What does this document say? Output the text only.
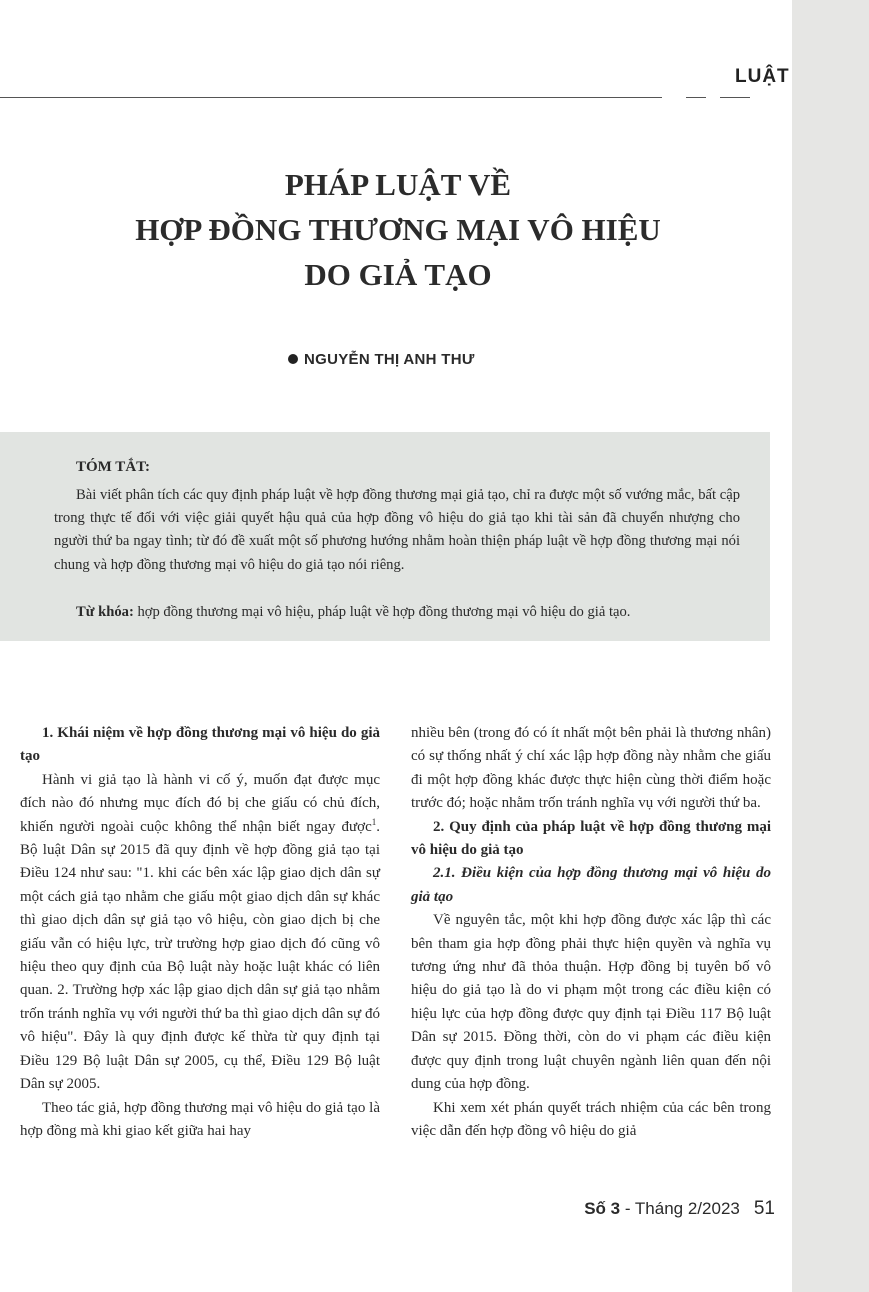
LUẬT
PHÁP LUẬT VỀ
HỢP ĐỒNG THƯƠNG MẠI VÔ HIỆU
DO GIẢ TẠO
NGUYỄN THỊ ANH THƯ
TÓM TẮT:

Bài viết phân tích các quy định pháp luật về hợp đồng thương mại giả tạo, chỉ ra được một số vướng mắc, bất cập trong thực tế đối với việc giải quyết hậu quả của hợp đồng vô hiệu do giả tạo khi tài sản đã chuyển nhượng cho người thứ ba ngay tình; từ đó đề xuất một số phương hướng nhằm hoàn thiện pháp luật về hợp đồng thương mại nói chung và hợp đồng thương mại vô hiệu do giả tạo nói riêng.

Từ khóa: hợp đồng thương mại vô hiệu, pháp luật về hợp đồng thương mại vô hiệu do giả tạo.

1. Khái niệm về hợp đồng thương mại vô hiệu do giả tạo

Hành vi giả tạo là hành vi cố ý, muốn đạt được mục đích nào đó nhưng mục đích đó bị che giấu có chủ đích, khiến người ngoài cuộc không thể nhận biết ngay được$^1$. Bộ luật Dân sự 2015 đã quy định về hợp đồng giả tạo tại Điều 124 như sau: "1. khi các bên xác lập giao dịch dân sự một cách giả tạo nhằm che giấu một giao dịch dân sự khác thì giao dịch dân sự giả tạo vô hiệu, còn giao dịch bị che giấu vẫn có hiệu lực, trừ trường hợp giao dịch đó cũng vô hiệu theo quy định của Bộ luật này hoặc luật khác có liên quan. 2. Trường hợp xác lập giao dịch dân sự giả tạo nhằm trốn tránh nghĩa vụ với người thứ ba thì giao dịch dân sự đó vô hiệu". Đây là quy định được kế thừa từ quy định tại Điều 129 Bộ luật Dân sự 2005, cụ thể, Điều 129 Bộ luật Dân sự 2005.

Theo tác giả, hợp đồng thương mại vô hiệu do giả tạo là hợp đồng mà khi giao kết giữa hai hay

nhiều bên (trong đó có ít nhất một bên phải là thương nhân) có sự thống nhất ý chí xác lập hợp đồng này nhằm che giấu đi một hợp đồng khác được thực hiện cùng thời điểm hoặc trước đó; hoặc nhằm trốn tránh nghĩa vụ với người thứ ba.

2. Quy định của pháp luật về hợp đồng thương mại vô hiệu do giả tạo

2.1. Điều kiện của hợp đồng thương mại vô hiệu do giả tạo

Về nguyên tắc, một khi hợp đồng được xác lập thì các bên tham gia hợp đồng phải thực hiện quyền và nghĩa vụ tương ứng như đã thỏa thuận. Hợp đồng bị tuyên bố vô hiệu do giả tạo là do vi phạm một trong các điều kiện có hiệu lực của hợp đồng được quy định tại Điều 117 Bộ luật Dân sự 2015. Đồng thời, còn do vi phạm các điều kiện được quy định trong luật chuyên ngành liên quan đến nội dung của hợp đồng.

Khi xem xét phán quyết trách nhiệm của các bên trong việc dẫn đến hợp đồng vô hiệu do giả

Số 3 - Tháng 2/2023 51
